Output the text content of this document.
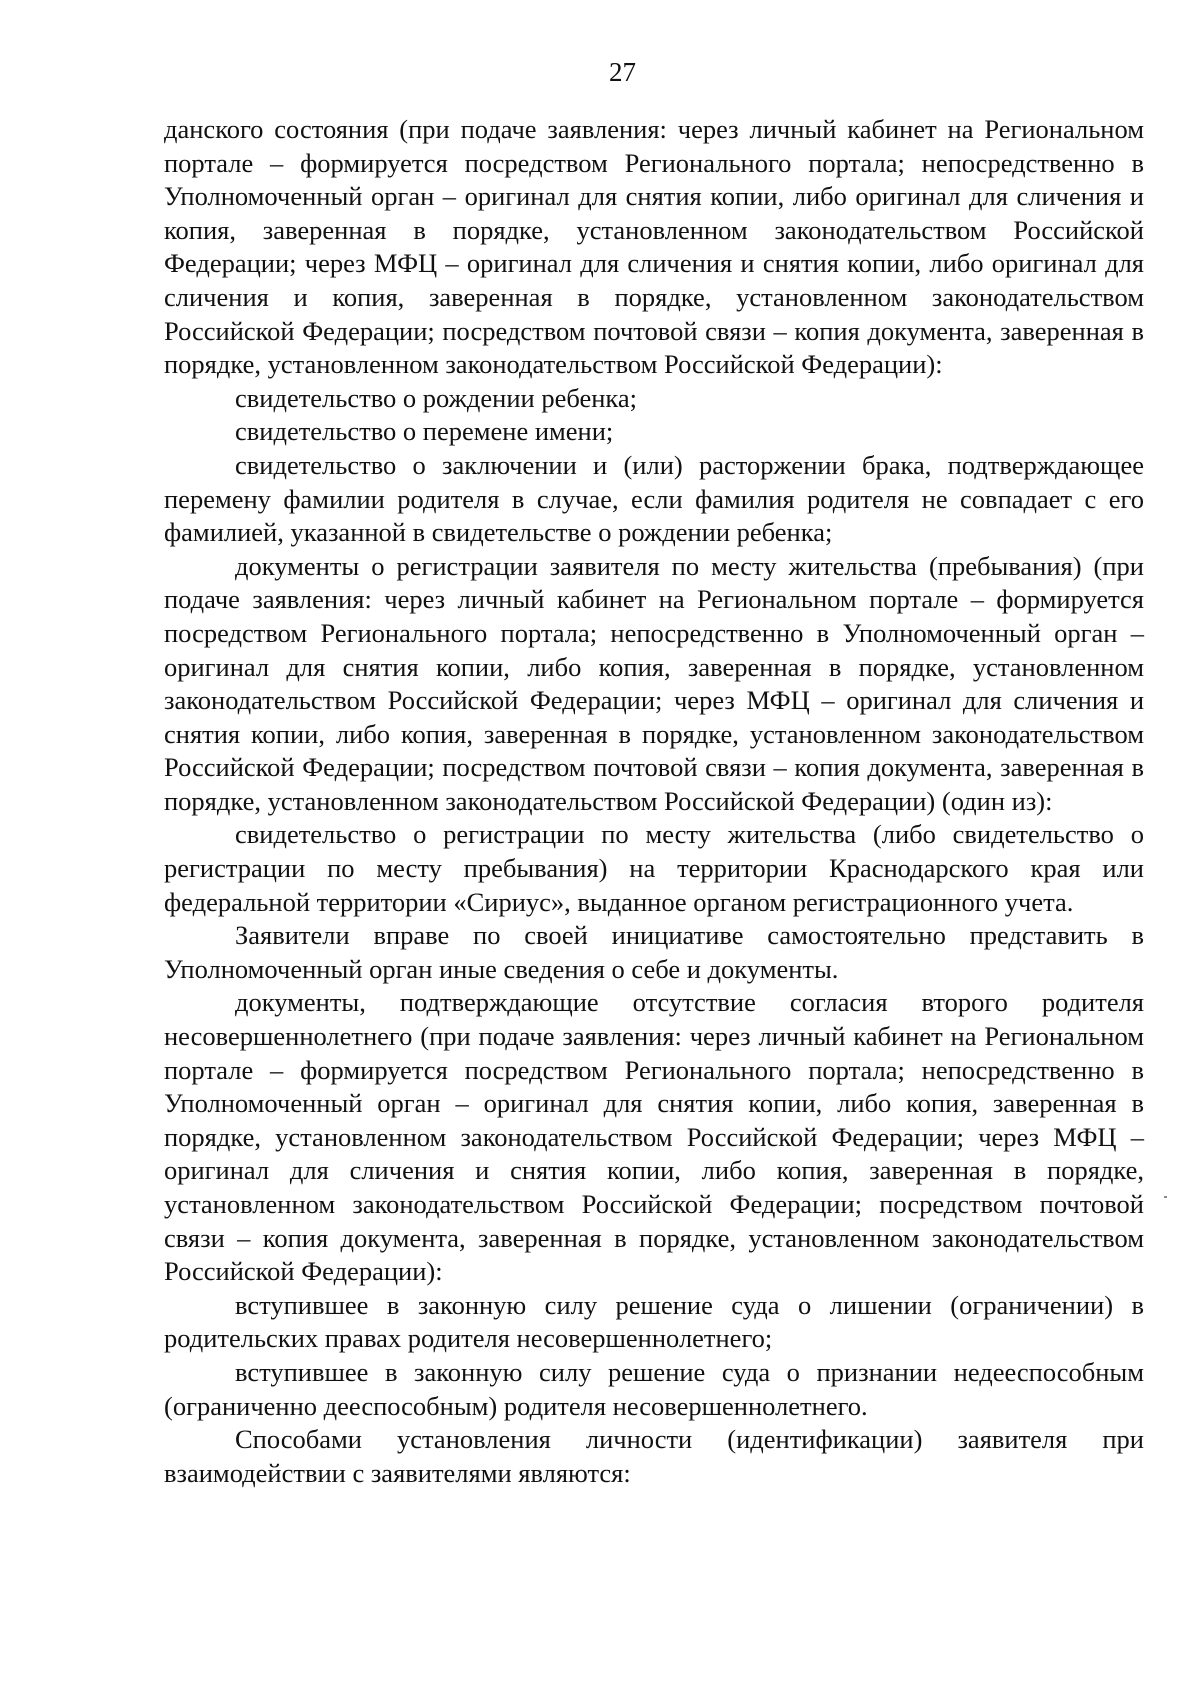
27

данского состояния (при подаче заявления: через личный кабинет на Региональном портале – формируется посредством Регионального портала; непосредственно в Уполномоченный орган – оригинал для снятия копии, либо оригинал для сличения и копия, заверенная в порядке, установленном законодательством Российской Федерации; через МФЦ – оригинал для сличения и снятия копии, либо оригинал для сличения и копия, заверенная в порядке, установленном законодательством Российской Федерации; посредством почтовой связи – копия документа, заверенная в порядке, установленном законодательством Российской Федерации):

свидетельство о рождении ребенка;

свидетельство о перемене имени;

свидетельство о заключении и (или) расторжении брака, подтверждающее перемену фамилии родителя в случае, если фамилия родителя не совпадает с его фамилией, указанной в свидетельстве о рождении ребенка;

документы о регистрации заявителя по месту жительства (пребывания) (при подаче заявления: через личный кабинет на Региональном портале – формируется посредством Регионального портала; непосредственно в Уполномоченный орган – оригинал для снятия копии, либо копия, заверенная в порядке, установленном законодательством Российской Федерации; через МФЦ – оригинал для сличения и снятия копии, либо копия, заверенная в порядке, установленном законодательством Российской Федерации; посредством почтовой связи – копия документа, заверенная в порядке, установленном законодательством Российской Федерации) (один из):

свидетельство о регистрации по месту жительства (либо свидетельство о регистрации по месту пребывания) на территории Краснодарского края или федеральной территории «Сириус», выданное органом регистрационного учета.

Заявители вправе по своей инициативе самостоятельно представить в Уполномоченный орган иные сведения о себе и документы.

документы, подтверждающие отсутствие согласия второго родителя несовершеннолетнего (при подаче заявления: через личный кабинет на Региональном портале – формируется посредством Регионального портала; непосредственно в Уполномоченный орган – оригинал для снятия копии, либо копия, заверенная в порядке, установленном законодательством Российской Федерации; через МФЦ – оригинал для сличения и снятия копии, либо копия, заверенная в порядке, установленном законодательством Российской Федерации; посредством почтовой связи – копия документа, заверенная в порядке, установленном законодательством Российской Федерации):

вступившее в законную силу решение суда о лишении (ограничении) в родительских правах родителя несовершеннолетнего;

вступившее в законную силу решение суда о признании недееспособным (ограниченно дееспособным) родителя несовершеннолетнего.

Способами установления личности (идентификации) заявителя при взаимодействии с заявителями являются:
